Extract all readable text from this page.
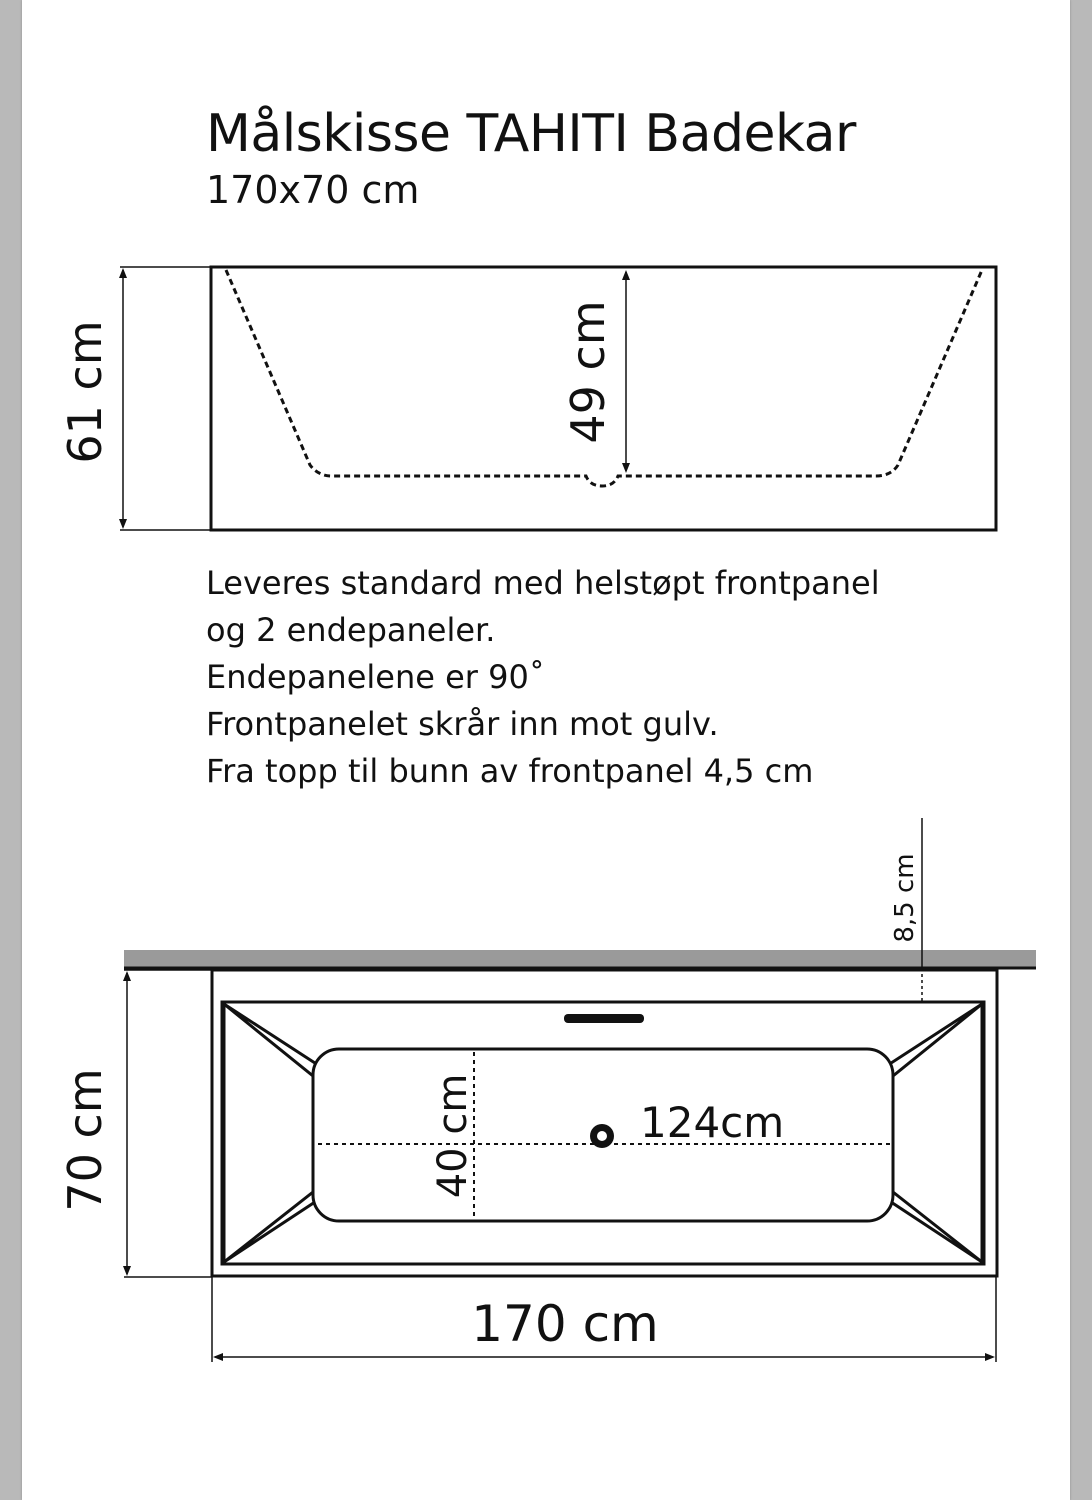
Målskisse TAHITI Badekar
170x70 cm
Leveres standard med helstøpt frontpanel
og 2 endepaneler.
Endepanelene er 90˚
Frontpanelet skrår inn mot gulv.
Fra topp til bunn av frontpanel 4,5 cm
61 cm	49 cm
8,5 cm
40 cm	124cm
70 cm
170 cm
